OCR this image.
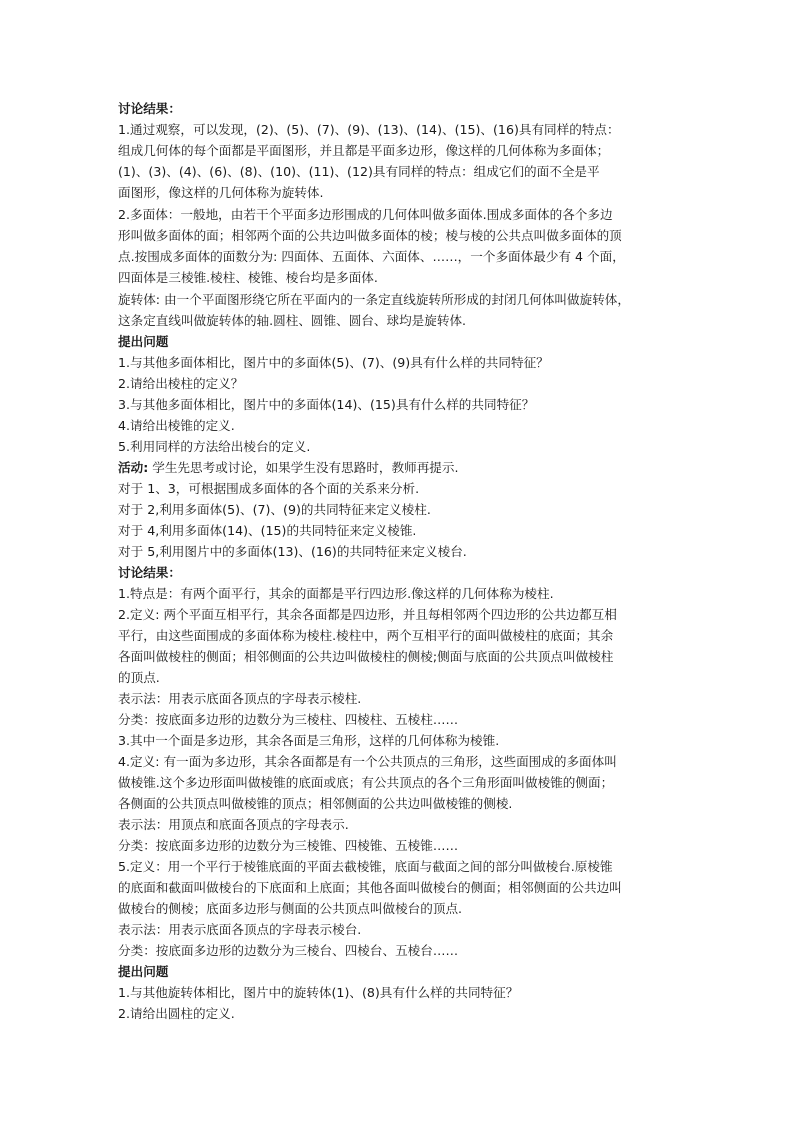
讨论结果：

1.通过观察，可以发现，(2)、(5)、(7)、(9)、(13)、(14)、(15)、(16)具有同样的特点：

组成几何体的每个面都是平面图形，并且都是平面多边形，像这样的几何体称为多面体；

(1)、(3)、(4)、(6)、(8)、(10)、(11)、(12)具有同样的特点：组成它们的面不全是平

面图形，像这样的几何体称为旋转体.

2.多面体：一般地，由若干个平面多边形围成的几何体叫做多面体.围成多面体的各个多边

形叫做多面体的面；相邻两个面的公共边叫做多面体的棱；棱与棱的公共点叫做多面体的顶

点.按围成多面体的面数分为: 四面体、五面体、六面体、……，一个多面体最少有 4 个面，

四面体是三棱锥.棱柱、棱锥、棱台均是多面体.

旋转体: 由一个平面图形绕它所在平面内的一条定直线旋转所形成的封闭几何体叫做旋转体，

这条定直线叫做旋转体的轴.圆柱、圆锥、圆台、球均是旋转体.

提出问题

1.与其他多面体相比，图片中的多面体(5)、(7)、(9)具有什么样的共同特征？

2.请给出棱柱的定义？

3.与其他多面体相比，图片中的多面体(14)、(15)具有什么样的共同特征？

4.请给出棱锥的定义.

5.利用同样的方法给出棱台的定义.

活动: 学生先思考或讨论，如果学生没有思路时，教师再提示.

对于 1、3，可根据围成多面体的各个面的关系来分析.

对于 2,利用多面体(5)、(7)、(9)的共同特征来定义棱柱.

对于 4,利用多面体(14)、(15)的共同特征来定义棱锥.

对于 5,利用图片中的多面体(13)、(16)的共同特征来定义棱台.

讨论结果：

1.特点是：有两个面平行，其余的面都是平行四边形.像这样的几何体称为棱柱.

2.定义: 两个平面互相平行，其余各面都是四边形，并且每相邻两个四边形的公共边都互相

平行，由这些面围成的多面体称为棱柱.棱柱中，两个互相平行的面叫做棱柱的底面；其余

各面叫做棱柱的侧面；相邻侧面的公共边叫做棱柱的侧棱;侧面与底面的公共顶点叫做棱柱

的顶点.

表示法：用表示底面各顶点的字母表示棱柱.

分类：按底面多边形的边数分为三棱柱、四棱柱、五棱柱……

3.其中一个面是多边形，其余各面是三角形，这样的几何体称为棱锥.

4.定义: 有一面为多边形，其余各面都是有一个公共顶点的三角形，这些面围成的多面体叫

做棱锥.这个多边形面叫做棱锥的底面或底；有公共顶点的各个三角形面叫做棱锥的侧面；

各侧面的公共顶点叫做棱锥的顶点；相邻侧面的公共边叫做棱锥的侧棱.

表示法：用顶点和底面各顶点的字母表示.

分类：按底面多边形的边数分为三棱锥、四棱锥、五棱锥……

5.定义：用一个平行于棱锥底面的平面去截棱锥，底面与截面之间的部分叫做棱台.原棱锥

的底面和截面叫做棱台的下底面和上底面；其他各面叫做棱台的侧面；相邻侧面的公共边叫

做棱台的侧棱；底面多边形与侧面的公共顶点叫做棱台的顶点.

表示法：用表示底面各顶点的字母表示棱台.

分类：按底面多边形的边数分为三棱台、四棱台、五棱台……

提出问题

1.与其他旋转体相比，图片中的旋转体(1)、(8)具有什么样的共同特征？

2.请给出圆柱的定义.
